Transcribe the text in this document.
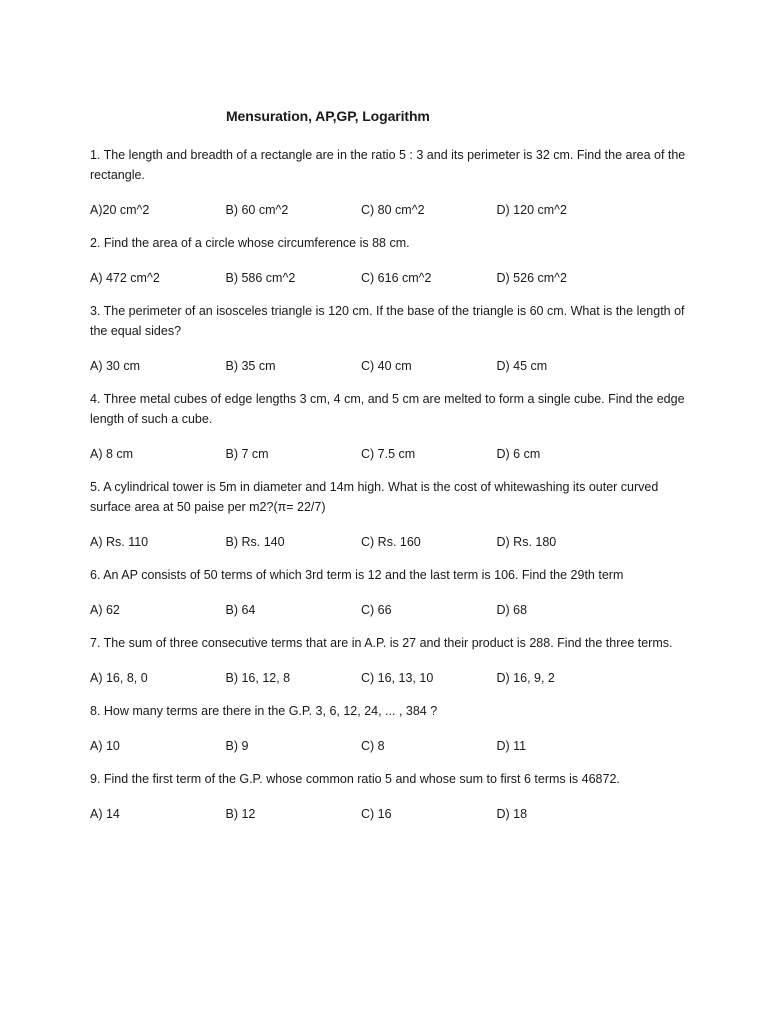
Mensuration, AP,GP, Logarithm

1. The length and breadth of a rectangle are in the ratio 5 : 3 and its perimeter is 32 cm. Find the area of the rectangle.

A)20 cm^2	B) 60 cm^2	C) 80 cm^2	D) 120 cm^2

2. Find the area of a circle whose circumference is 88 cm.

A) 472 cm^2	B) 586 cm^2	C) 616 cm^2	D) 526 cm^2

3. The perimeter of an isosceles triangle is 120 cm. If the base of the triangle is 60 cm. What is the length of the equal sides?

A) 30 cm	B) 35 cm	C) 40 cm	D) 45 cm

4. Three metal cubes of edge lengths 3 cm, 4 cm, and 5 cm are melted to form a single cube. Find the edge length of such a cube.

A) 8 cm	B) 7 cm	C) 7.5 cm	D) 6 cm

5. A cylindrical tower is 5m in diameter and 14m high. What is the cost of whitewashing its outer curved surface area at 50 paise per m2?(π= 22/7)

A) Rs. 110	B) Rs. 140	C) Rs. 160	D) Rs. 180

6. An AP consists of 50 terms of which 3rd term is 12 and the last term is 106. Find the 29th term

A) 62	B) 64	C) 66	D) 68

7. The sum of three consecutive terms that are in A.P. is 27 and their product is 288. Find the three terms.

A) 16, 8, 0	B) 16, 12, 8	C) 16, 13, 10	D) 16, 9, 2

8. How many terms are there in the G.P. 3, 6, 12, 24, ... , 384 ?

A) 10	B) 9	C) 8	D) 11

9. Find the first term of the G.P. whose common ratio 5 and whose sum to first 6 terms is 46872.

A) 14	B) 12	C) 16	D) 18
